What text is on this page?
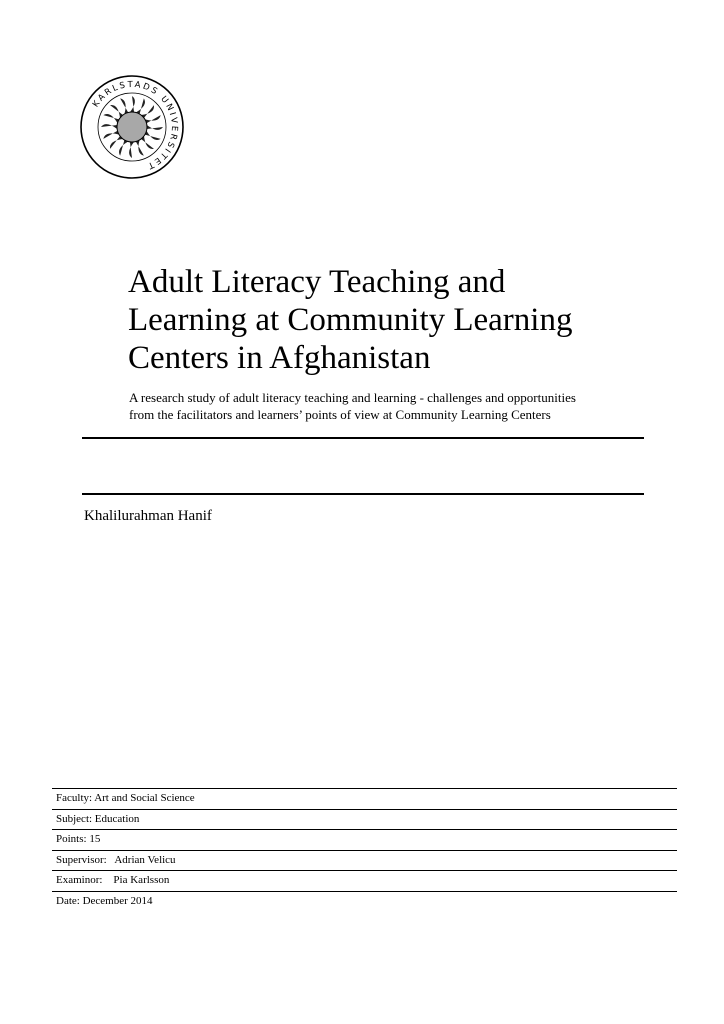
KARLSTADS UNIVERSITET
Adult Literacy Teaching and
Learning at Community Learning
Centers in Afghanistan

A research study of adult literacy teaching and learning - challenges and opportunities
from the facilitators and learners’ points of view at Community Learning Centers

Khalilurahman Hanif

Faculty: Art and Social Science
Subject: Education
Points: 15
Supervisor:   Adrian Velicu
Examinor:    Pia Karlsson
Date: December 2014
